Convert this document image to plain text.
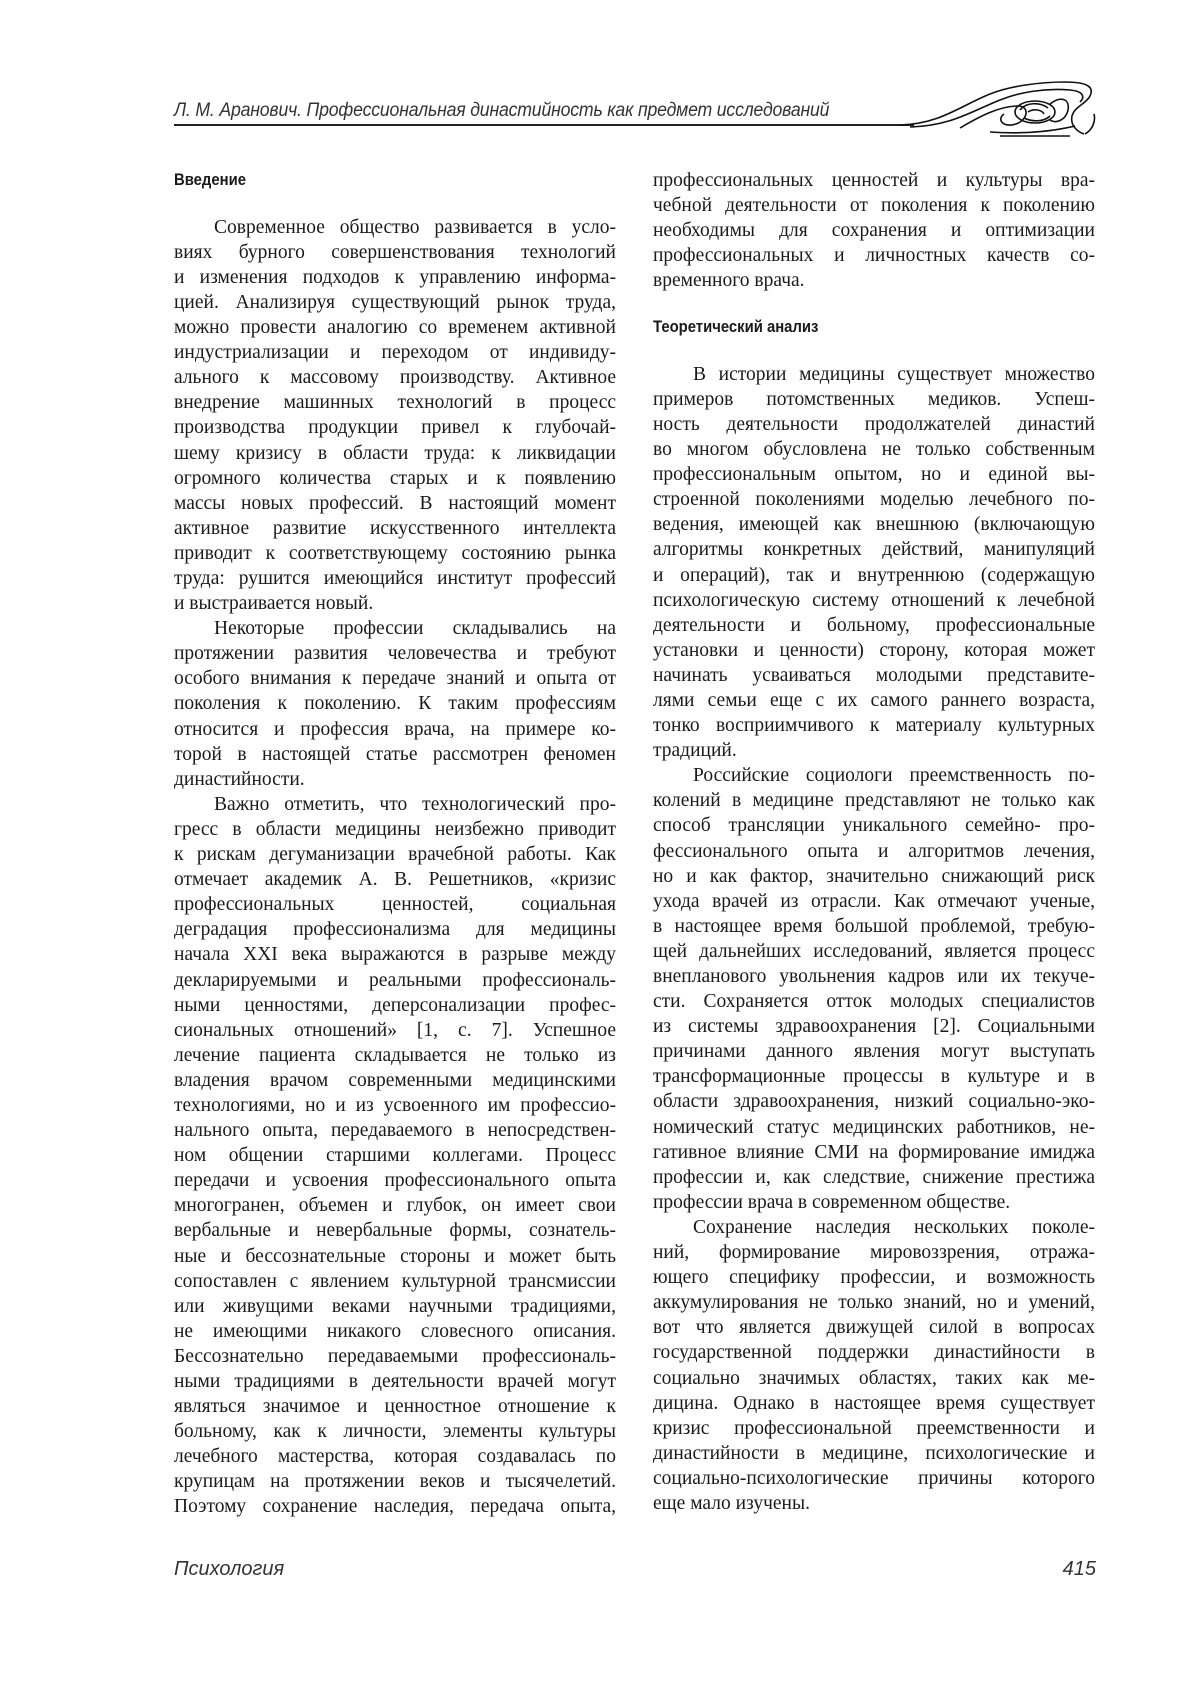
Л. М. Аранович. Профессиональная династийность как предмет исследований
Введение
Современное общество развивается в усло-
виях бурного совершенствования технологий
и изменения подходов к управлению информа-
цией. Анализируя существующий рынок труда,
можно провести аналогию со временем активной
индустриализации и переходом от индивиду-
ального к массовому производству. Активное
внедрение машинных технологий в процесс
производства продукции привел к глубочай-
шему кризису в области труда: к ликвидации
огромного количества старых и к появлению
массы новых профессий. В настоящий момент
активное развитие искусственного интеллекта
приводит к соответствующему состоянию рынка
труда: рушится имеющийся институт профессий
и выстраивается новый.
Некоторые профессии складывались на
протяжении развития человечества и требуют
особого внимания к передаче знаний и опыта от
поколения к поколению. К таким профессиям
относится и профессия врача, на примере ко-
торой в настоящей статье рассмотрен феномен
династийности.
Важно отметить, что технологический про-
гресс в области медицины неизбежно приводит
к рискам дегуманизации врачебной работы. Как
отмечает академик А. В. Решетников, «кризис
профессиональных ценностей, социальная
деградация профессионализма для медицины
начала XXI века выражаются в разрыве между
декларируемыми и реальными профессиональ-
ными ценностями, деперсонализации профес-
сиональных отношений» [1, с. 7]. Успешное
лечение пациента складывается не только из
владения врачом современными медицинскими
технологиями, но и из усвоенного им профессио-
нального опыта, передаваемого в непосредствен-
ном общении старшими коллегами. Процесс
передачи и усвоения профессионального опыта
многогранен, объемен и глубок, он имеет свои
вербальные и невербальные формы, сознатель-
ные и бессознательные стороны и может быть
сопоставлен с явлением культурной трансмиссии
или живущими веками научными традициями,
не имеющими никакого словесного описания.
Бессознательно передаваемыми профессиональ-
ными традициями в деятельности врачей могут
являться значимое и ценностное отношение к
больному, как к личности, элементы культуры
лечебного мастерства, которая создавалась по
крупицам на протяжении веков и тысячелетий.
Поэтому сохранение наследия, передача опыта,
профессиональных ценностей и культуры вра-
чебной деятельности от поколения к поколению
необходимы для сохранения и оптимизации
профессиональных и личностных качеств со-
временного врача.
Теоретический анализ
В истории медицины существует множество
примеров потомственных медиков. Успеш-
ность деятельности продолжателей династий
во многом обусловлена не только собственным
профессиональным опытом, но и единой вы-
строенной поколениями моделью лечебного по-
ведения, имеющей как внешнюю (включающую
алгоритмы конкретных действий, манипуляций
и операций), так и внутреннюю (содержащую
психологическую систему отношений к лечебной
деятельности и больному, профессиональные
установки и ценности) сторону, которая может
начинать усваиваться молодыми представите-
лями семьи еще с их самого раннего возраста,
тонко восприимчивого к материалу культурных
традиций.
Российские социологи преемственность по-
колений в медицине представляют не только как
способ трансляции уникального семейно- про-
фессионального опыта и алгоритмов лечения,
но и как фактор, значительно снижающий риск
ухода врачей из отрасли. Как отмечают ученые,
в настоящее время большой проблемой, требую-
щей дальнейших исследований, является процесс
внепланового увольнения кадров или их текуче-
сти. Сохраняется отток молодых специалистов
из системы здравоохранения [2]. Социальными
причинами данного явления могут выступать
трансформационные процессы в культуре и в
области здравоохранения, низкий социально-эко-
номический статус медицинских работников, не-
гативное влияние СМИ на формирование имиджа
профессии и, как следствие, снижение престижа
профессии врача в современном обществе.
Сохранение наследия нескольких поколе-
ний, формирование мировоззрения, отража-
ющего специфику профессии, и возможность
аккумулирования не только знаний, но и умений,
вот что является движущей силой в вопросах
государственной поддержки династийности в
социально значимых областях, таких как ме-
дицина. Однако в настоящее время существует
кризис профессиональной преемственности и
династийности в медицине, психологические и
социально-психологические причины которого
еще мало изучены.
Психология	415
